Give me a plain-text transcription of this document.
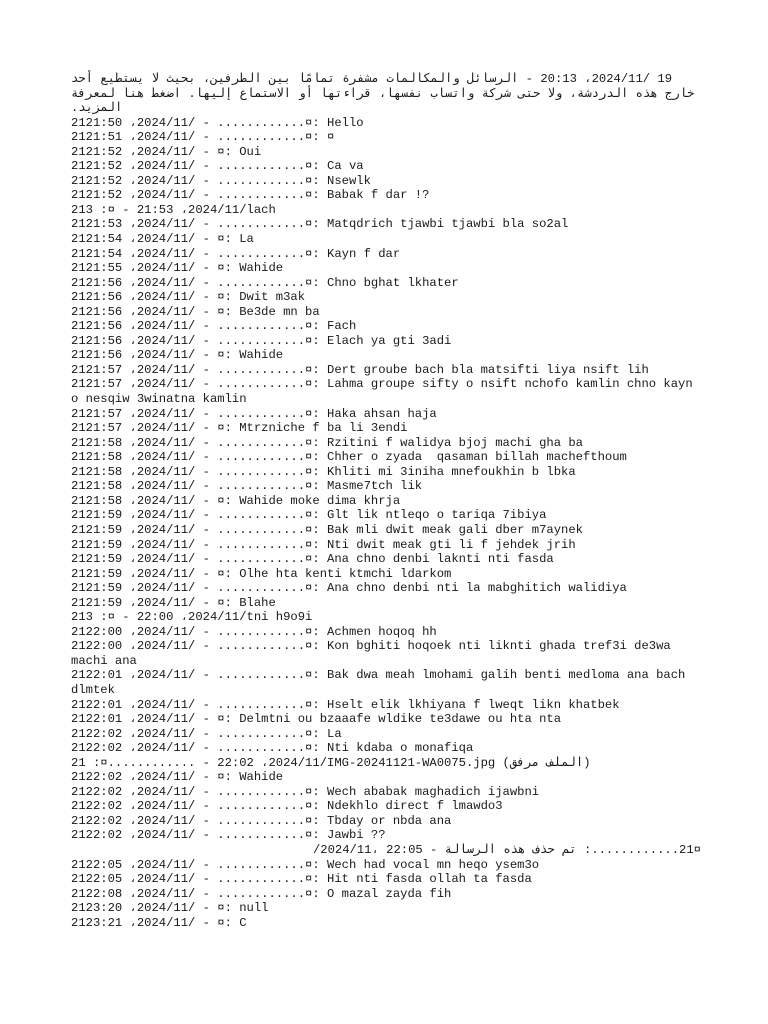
19 /2024/11، 20:13 - الرسائل والمكالمات مشفرة تمامًا بين الطرفين، بحيث لا يستطيع أحد خارج هذه الدردشة، ولا حتى شركة واتساب نفسها، قراءتها أو الاستماع إليها. اضغط هنا لمعرفة المزيد.

2121:50 ،2024/11/ - ............¤: Hello

2121:51 ،2024/11/ - ............¤: ¤

2121:52 ،2024/11/ - ¤: Oui

2121:52 ،2024/11/ - ............¤: Ca va

2121:52 ،2024/11/ - ............¤: Nsewlk

2121:52 ،2024/11/ - ............¤: Babak f dar !?

213 :¤ - 21:53 ،2024/11/lach

2121:53 ،2024/11/ - ............¤: Matqdrich tjawbi tjawbi bla so2al

2121:54 ،2024/11/ - ¤: La

2121:54 ،2024/11/ - ............¤: Kayn f dar

2121:55 ،2024/11/ - ¤: Wahide

2121:56 ،2024/11/ - ............¤: Chno bghat lkhater

2121:56 ،2024/11/ - ¤: Dwit m3ak

2121:56 ،2024/11/ - ¤: Be3de mn ba

2121:56 ،2024/11/ - ............¤: Fach

2121:56 ،2024/11/ - ............¤: Elach ya gti 3adi

2121:56 ،2024/11/ - ¤: Wahide

2121:57 ،2024/11/ - ............¤: Dert groube bach bla matsifti liya nsift lih

2121:57 ،2024/11/ - ............¤: Lahma groupe sifty o nsift nchofo kamlin chno kayn o nesqiw 3winatna kamlin

2121:57 ،2024/11/ - ............¤: Haka ahsan haja

2121:57 ،2024/11/ - ¤: Mtrzniche f ba li 3endi

2121:58 ،2024/11/ - ............¤: Rzitini f walidya bjoj machi gha ba

2121:58 ،2024/11/ - ............¤: Chher o zyada  qasaman billah machefthoum

2121:58 ،2024/11/ - ............¤: Khliti mi 3iniha mnefoukhin b lbka

2121:58 ،2024/11/ - ............¤: Masme7tch lik

2121:58 ،2024/11/ - ¤: Wahide moke dima khrja

2121:59 ،2024/11/ - ............¤: Glt lik ntleqo o tariqa 7ibiya

2121:59 ،2024/11/ - ............¤: Bak mli dwit meak gali dber m7aynek

2121:59 ،2024/11/ - ............¤: Nti dwit meak gti li f jehdek jrih

2121:59 ،2024/11/ - ............¤: Ana chno denbi laknti nti fasda

2121:59 ،2024/11/ - ¤: Olhe hta kenti ktmchi ldarkom

2121:59 ،2024/11/ - ............¤: Ana chno denbi nti la mabghitich walidiya

2121:59 ،2024/11/ - ¤: Blahe

213 :¤ - 22:00 ،2024/11/tni h9o9i

2122:00 ،2024/11/ - ............¤: Achmen hoqoq hh

2122:00 ،2024/11/ - ............¤: Kon bghiti hoqoek nti liknti ghada tref3i de3wa machi ana

2122:01 ،2024/11/ - ............¤: Bak dwa meah lmohami galih benti medloma ana bach dlmtek

2122:01 ،2024/11/ - ............¤: Hselt elik lkhiyana f lweqt likn khatbek

2122:01 ،2024/11/ - ¤: Delmtni ou bzaaafe wldike te3dawe ou hta nta

2122:02 ،2024/11/ - ............¤: La

2122:02 ،2024/11/ - ............¤: Nti kdaba o monafiqa

21 :¤............ - 22:02 ،2024/11/IMG-20241121-WA0075.jpg (الملف مرفق)

2122:02 ،2024/11/ - ¤: Wahide

2122:02 ،2024/11/ - ............¤: Wech ababak maghadich ijawbni

2122:02 ،2024/11/ - ............¤: Ndekhlo direct f lmawdo3

2122:02 ،2024/11/ - ............¤: Tbday or nbda ana

2122:02 ،2024/11/ - ............¤: Jawbi ??

21¤............: تم حذف هذه الرسالة - 22:05 ،2024/11/

2122:05 ،2024/11/ - ............¤: Wech had vocal mn heqo ysem3o

2122:05 ،2024/11/ - ............¤: Hit nti fasda ollah ta fasda

2122:08 ،2024/11/ - ............¤: O mazal zayda fih

2123:20 ،2024/11/ - ¤: null

2123:21 ،2024/11/ - ¤: C
